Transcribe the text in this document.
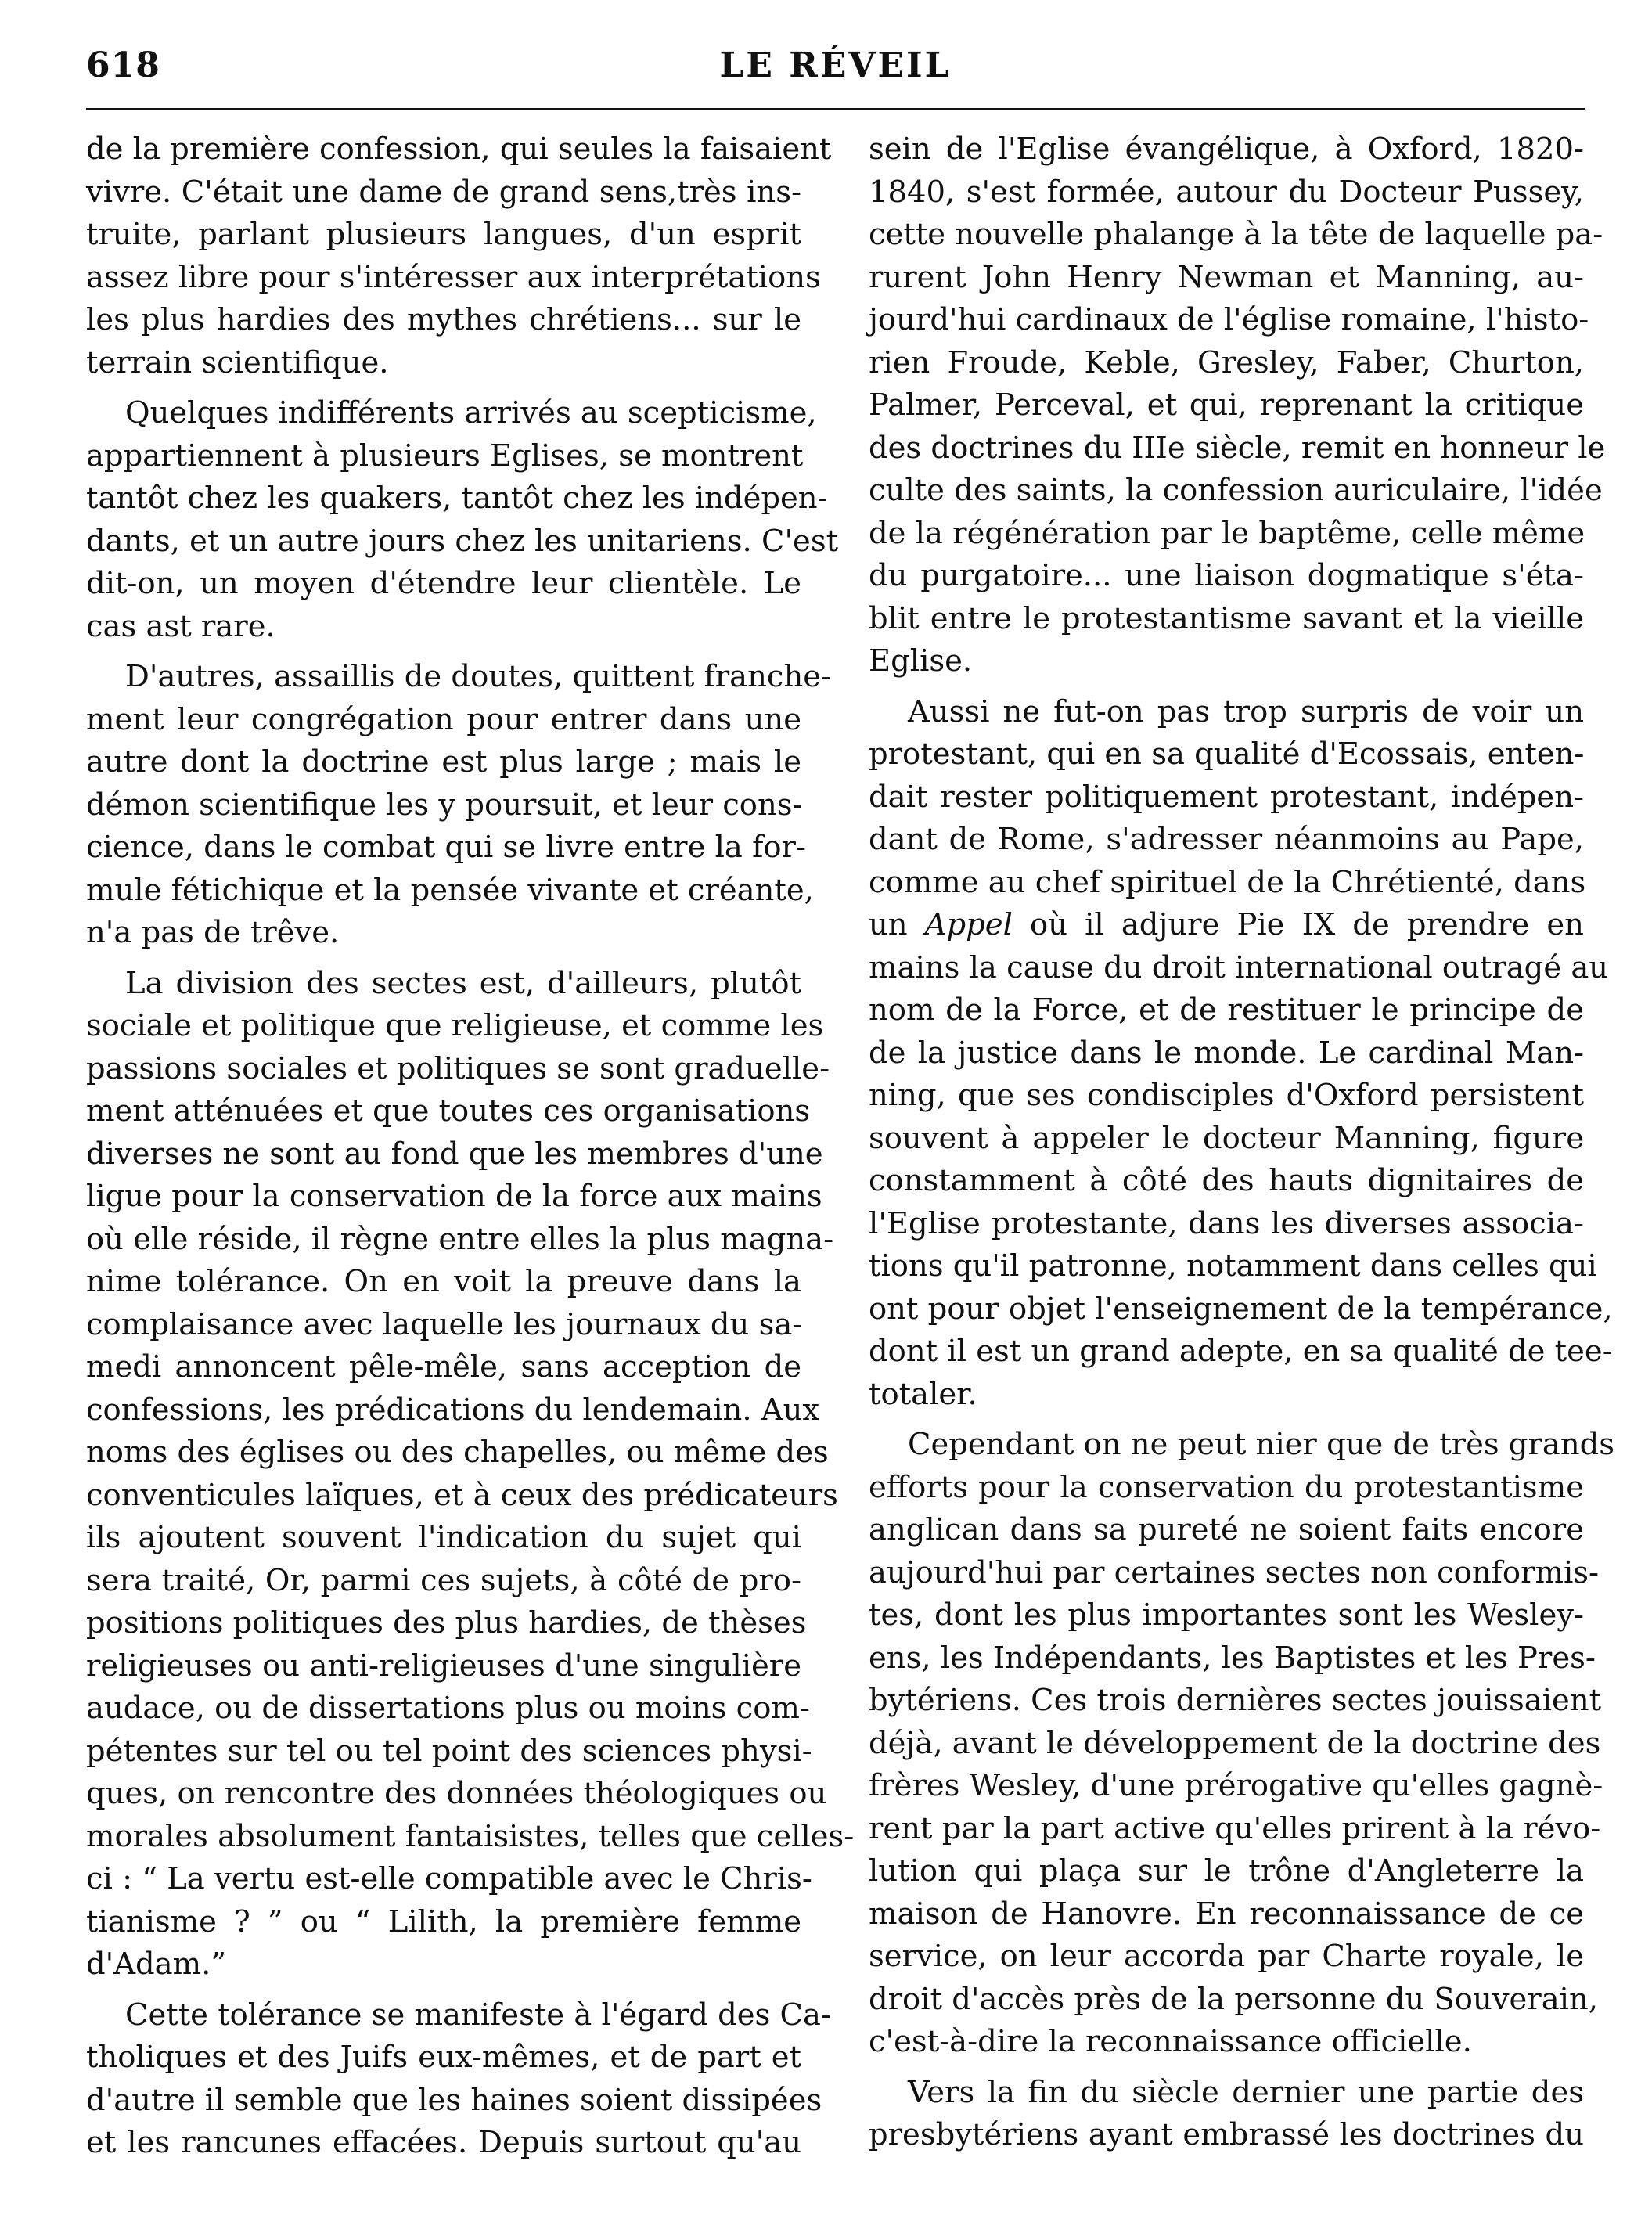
618	LE RÉVEIL
de la première confession, qui seules la faisaient
vivre. C'était une dame de grand sens,très ins-
truite, parlant plusieurs langues, d'un esprit
assez libre pour s'intéresser aux interprétations
les plus hardies des mythes chrétiens... sur le
terrain scientifique.
Quelques indifférents arrivés au scepticisme,
appartiennent à plusieurs Eglises, se montrent
tantôt chez les quakers, tantôt chez les indépen-
dants, et un autre jours chez les unitariens. C'est
dit-on, un moyen d'étendre leur clientèle. Le
cas ast rare.
D'autres, assaillis de doutes, quittent franche-
ment leur congrégation pour entrer dans une
autre dont la doctrine est plus large ; mais le
démon scientifique les y poursuit, et leur cons-
cience, dans le combat qui se livre entre la for-
mule fétichique et la pensée vivante et créante,
n'a pas de trêve.
La division des sectes est, d'ailleurs, plutôt
sociale et politique que religieuse, et comme les
passions sociales et politiques se sont graduelle-
ment atténuées et que toutes ces organisations
diverses ne sont au fond que les membres d'une
ligue pour la conservation de la force aux mains
où elle réside, il règne entre elles la plus magna-
nime tolérance. On en voit la preuve dans la
complaisance avec laquelle les journaux du sa-
medi annoncent pêle-mêle, sans acception de
confessions, les prédications du lendemain. Aux
noms des églises ou des chapelles, ou même des
conventicules laïques, et à ceux des prédicateurs
ils ajoutent souvent l'indication du sujet qui
sera traité, Or, parmi ces sujets, à côté de pro-
positions politiques des plus hardies, de thèses
religieuses ou anti-religieuses d'une singulière
audace, ou de dissertations plus ou moins com-
pétentes sur tel ou tel point des sciences physi-
ques, on rencontre des données théologiques ou
morales absolument fantaisistes, telles que celles-
ci : “ La vertu est-elle compatible avec le Chris-
tianisme ? ” ou “ Lilith, la première femme
d'Adam.”
Cette tolérance se manifeste à l'égard des Ca-
tholiques et des Juifs eux-mêmes, et de part et
d'autre il semble que les haines soient dissipées
et les rancunes effacées. Depuis surtout qu'au
sein de l'Eglise évangélique, à Oxford, 1820-
1840, s'est formée, autour du Docteur Pussey,
cette nouvelle phalange à la tête de laquelle pa-
rurent John Henry Newman et Manning, au-
jourd'hui cardinaux de l'église romaine, l'histo-
rien Froude, Keble, Gresley, Faber, Churton,
Palmer, Perceval, et qui, reprenant la critique
des doctrines du IIIe siècle, remit en honneur le
culte des saints, la confession auriculaire, l'idée
de la régénération par le baptême, celle même
du purgatoire... une liaison dogmatique s'éta-
blit entre le protestantisme savant et la vieille
Eglise.
Aussi ne fut-on pas trop surpris de voir un
protestant, qui en sa qualité d'Ecossais, enten-
dait rester politiquement protestant, indépen-
dant de Rome, s'adresser néanmoins au Pape,
comme au chef spirituel de la Chrétienté, dans
un Appel où il adjure Pie IX de prendre en
mains la cause du droit international outragé au
nom de la Force, et de restituer le principe de
de la justice dans le monde. Le cardinal Man-
ning, que ses condisciples d'Oxford persistent
souvent à appeler le docteur Manning, figure
constamment à côté des hauts dignitaires de
l'Eglise protestante, dans les diverses associa-
tions qu'il patronne, notamment dans celles qui
ont pour objet l'enseignement de la tempérance,
dont il est un grand adepte, en sa qualité de tee-
totaler.
Cependant on ne peut nier que de très grands
efforts pour la conservation du protestantisme
anglican dans sa pureté ne soient faits encore
aujourd'hui par certaines sectes non conformis-
tes, dont les plus importantes sont les Wesley-
ens, les Indépendants, les Baptistes et les Pres-
bytériens. Ces trois dernières sectes jouissaient
déjà, avant le développement de la doctrine des
frères Wesley, d'une prérogative qu'elles gagnè-
rent par la part active qu'elles prirent à la révo-
lution qui plaça sur le trône d'Angleterre la
maison de Hanovre. En reconnaissance de ce
service, on leur accorda par Charte royale, le
droit d'accès près de la personne du Souverain,
c'est-à-dire la reconnaissance officielle.
Vers la fin du siècle dernier une partie des
presbytériens ayant embrassé les doctrines du
